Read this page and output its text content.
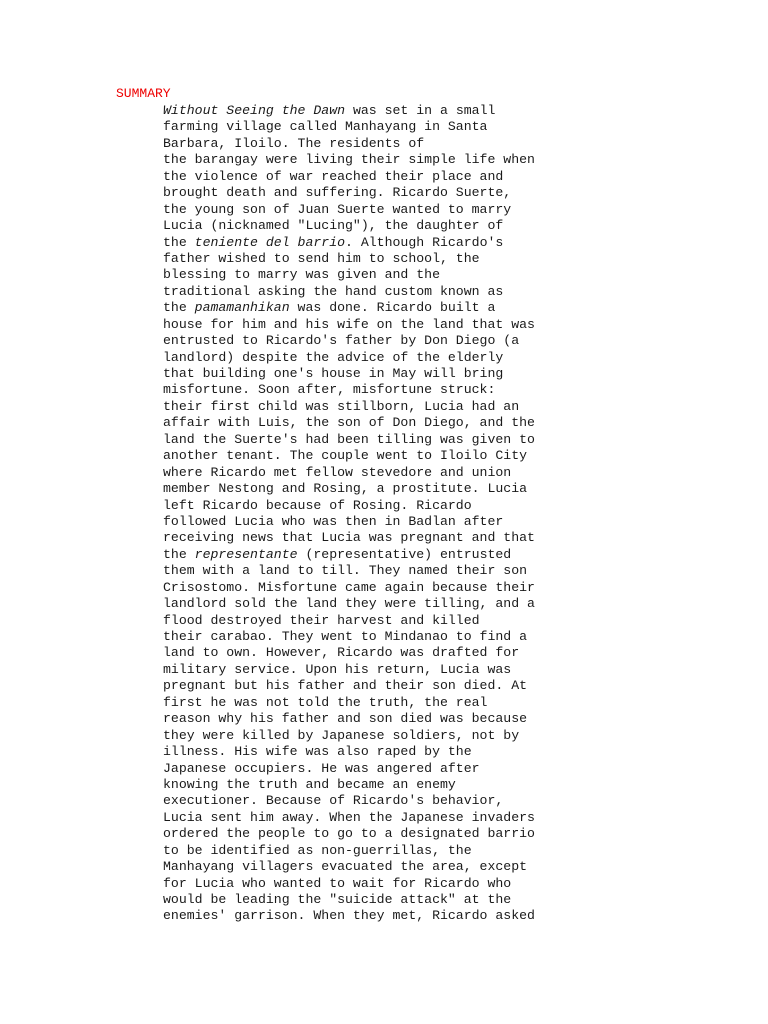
SUMMARY
Without Seeing the Dawn was set in a small
farming village called Manhayang in Santa
Barbara, Iloilo. The residents of
the barangay were living their simple life when
the violence of war reached their place and
brought death and suffering. Ricardo Suerte,
the young son of Juan Suerte wanted to marry
Lucia (nicknamed "Lucing"), the daughter of
the teniente del barrio. Although Ricardo's
father wished to send him to school, the
blessing to marry was given and the
traditional asking the hand custom known as
the pamamanhikan was done. Ricardo built a
house for him and his wife on the land that was
entrusted to Ricardo's father by Don Diego (a
landlord) despite the advice of the elderly
that building one's house in May will bring
misfortune. Soon after, misfortune struck:
their first child was stillborn, Lucia had an
affair with Luis, the son of Don Diego, and the
land the Suerte's had been tilling was given to
another tenant. The couple went to Iloilo City
where Ricardo met fellow stevedore and union
member Nestong and Rosing, a prostitute. Lucia
left Ricardo because of Rosing. Ricardo
followed Lucia who was then in Badlan after
receiving news that Lucia was pregnant and that
the representante (representative) entrusted
them with a land to till. They named their son
Crisostomo. Misfortune came again because their
landlord sold the land they were tilling, and a
flood destroyed their harvest and killed
their carabao. They went to Mindanao to find a
land to own. However, Ricardo was drafted for
military service. Upon his return, Lucia was
pregnant but his father and their son died. At
first he was not told the truth, the real
reason why his father and son died was because
they were killed by Japanese soldiers, not by
illness. His wife was also raped by the
Japanese occupiers. He was angered after
knowing the truth and became an enemy
executioner. Because of Ricardo's behavior,
Lucia sent him away. When the Japanese invaders
ordered the people to go to a designated barrio
to be identified as non-guerrillas, the
Manhayang villagers evacuated the area, except
for Lucia who wanted to wait for Ricardo who
would be leading the "suicide attack" at the
enemies' garrison. When they met, Ricardo asked
